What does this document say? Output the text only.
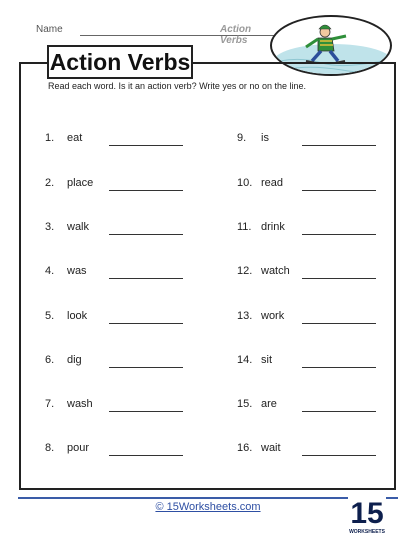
Name	Action Verbs
Action Verbs
Read each word. Is it an action verb? Write yes or no on the line.
1. eat
2. place
3. walk
4. was
5. look
6. dig
7. wash
8. pour
9. is
10. read
11. drink
12. watch
13. work
14. sit
15. are
16. wait
© 15Worksheets.com	15
WORKSHEETS
